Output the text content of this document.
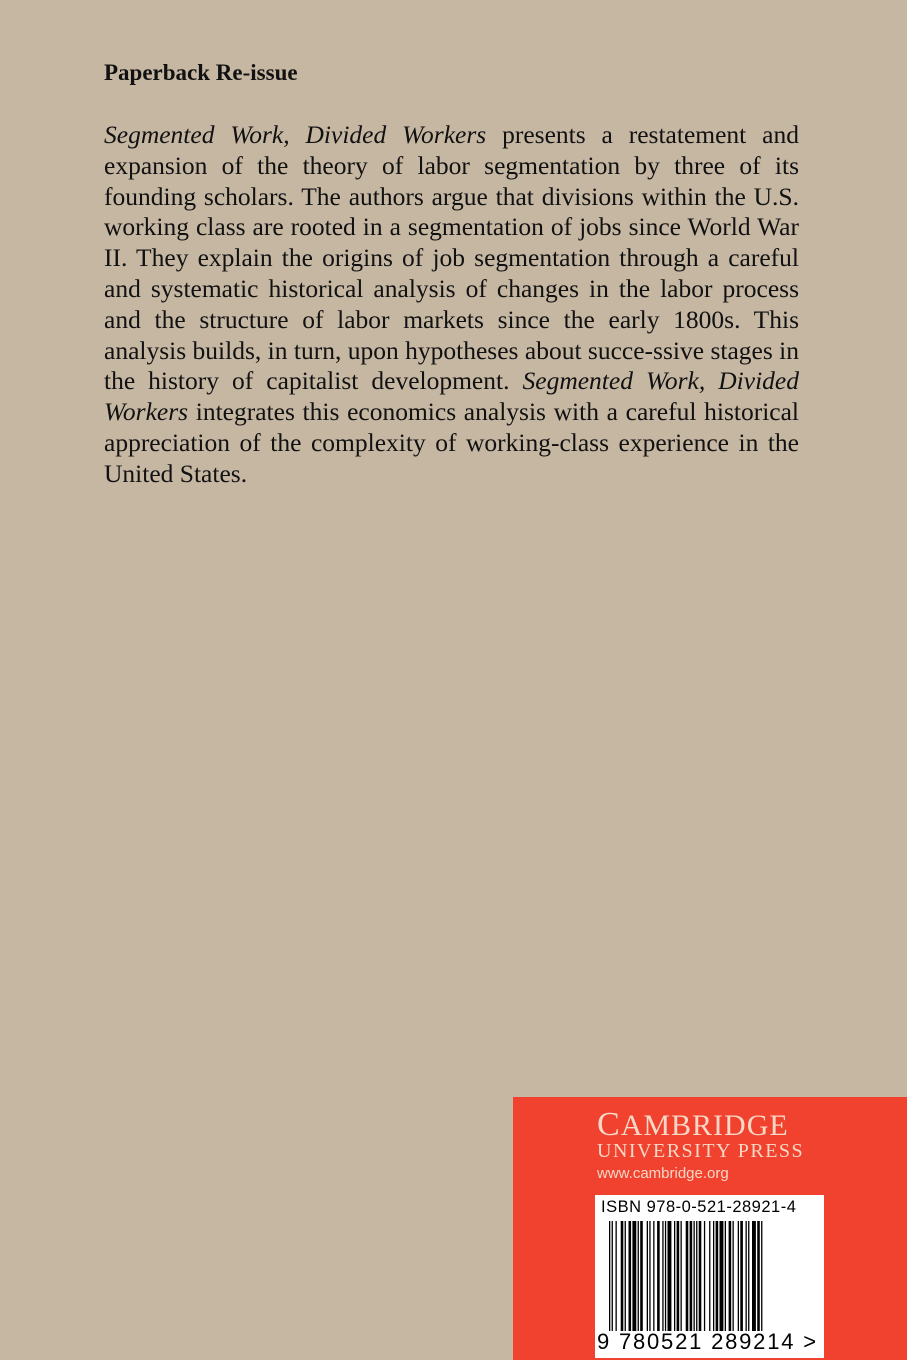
Paperback Re-issue

Segmented Work, Divided Workers presents a restatement and expansion of the theory of labor segmentation by three of its founding scholars. The authors argue that divisions within the U.S. working class are rooted in a segmentation of jobs since World War II. They explain the origins of job segmentation through a careful and systematic historical analysis of changes in the labor process and the structure of labor markets since the early 1800s. This analysis builds, in turn, upon hypotheses about succe-ssive stages in the history of capitalist development. Segmented Work, Divided Workers integrates this economics analysis with a careful historical appreciation of the complexity of working-class experience in the United States.

CAMBRIDGE
UNIVERSITY PRESS
www.cambridge.org
ISBN 978-0-521-28921-4
9 780521 289214 >
